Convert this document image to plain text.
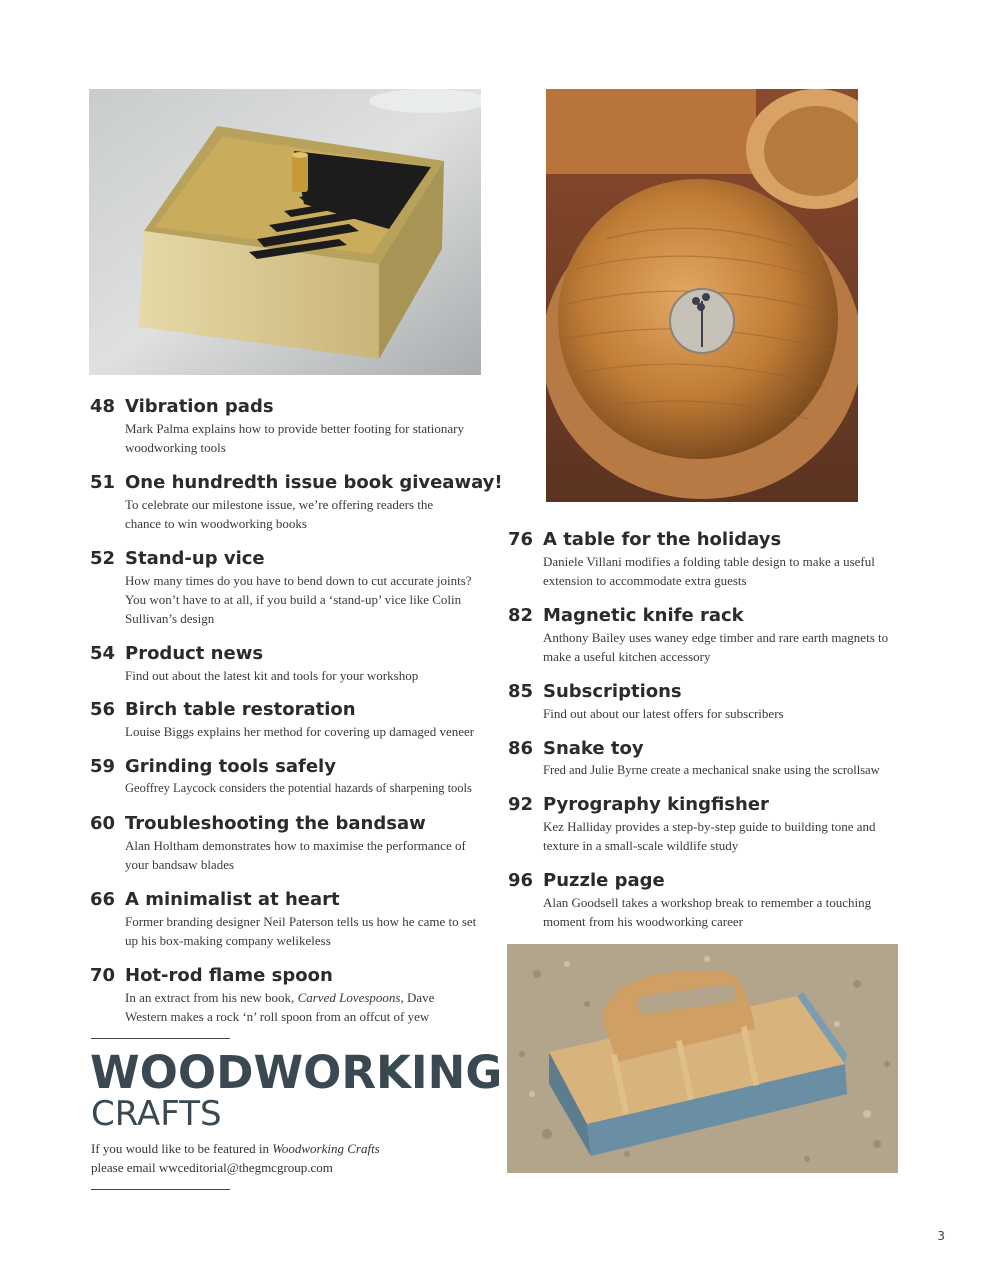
48 Vibration pads
Mark Palma explains how to provide better footing for stationary woodworking tools
51 One hundredth issue book giveaway!
To celebrate our milestone issue, we’re offering readers the chance to win woodworking books
52 Stand-up vice
How many times do you have to bend down to cut accurate joints? You won’t have to at all, if you build a ‘stand-up’ vice like Colin Sullivan’s design
54 Product news
Find out about the latest kit and tools for your workshop
56 Birch table restoration
Louise Biggs explains her method for covering up damaged veneer
59 Grinding tools safely
Geoffrey Laycock considers the potential hazards of sharpening tools
60 Troubleshooting the bandsaw
Alan Holtham demonstrates how to maximise the performance of your bandsaw blades
66 A minimalist at heart
Former branding designer Neil Paterson tells us how he came to set up his box-making company welikeless
70 Hot-rod flame spoon
In an extract from his new book, Carved Lovespoons, Dave Western makes a rock ‘n’ roll spoon from an offcut of yew
76 A table for the holidays
Daniele Villani modifies a folding table design to make a useful extension to accommodate extra guests
82 Magnetic knife rack
Anthony Bailey uses waney edge timber and rare earth magnets to make a useful kitchen accessory
85 Subscriptions
Find out about our latest offers for subscribers
86 Snake toy
Fred and Julie Byrne create a mechanical snake using the scrollsaw
92 Pyrography kingfisher
Kez Halliday provides a step-by-step guide to building tone and texture in a small-scale wildlife study
96 Puzzle page
Alan Goodsell takes a workshop break to remember a touching moment from his woodworking career
WOODWORKING
CRAFTS
If you would like to be featured in Woodworking Crafts
please email wwceditorial@thegmcgroup.com
3
